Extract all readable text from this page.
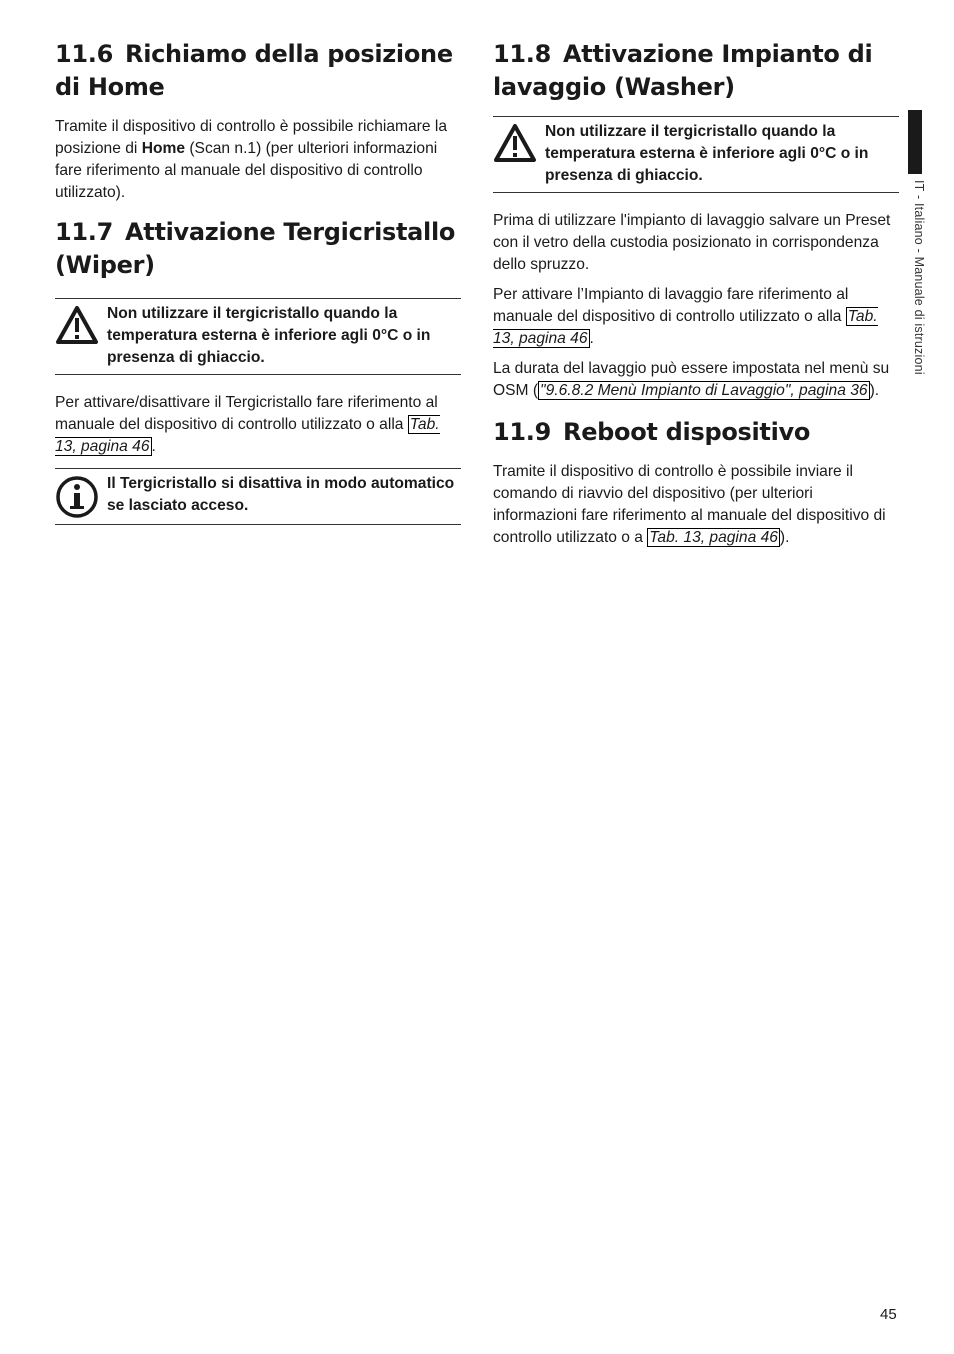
IT - Italiano - Manuale di istruzioni
11.6 Richiamo della posizione di Home

Tramite il dispositivo di controllo è possibile richiamare la posizione di Home (Scan n.1) (per ulteriori informazioni fare riferimento al manuale del dispositivo di controllo utilizzato).

11.7 Attivazione Tergicristallo (Wiper)
Non utilizzare il tergicristallo quando la temperatura esterna è inferiore agli 0°C o in presenza di ghiaccio.

Per attivare/disattivare il Tergicristallo fare riferimento al manuale del dispositivo di controllo utilizzato o alla Tab. 13, pagina 46 .

Il Tergicristallo si disattiva in modo automatico se lasciato acceso.
11.8 Attivazione Impianto di lavaggio (Washer)
Non utilizzare il tergicristallo quando la temperatura esterna è inferiore agli 0°C o in presenza di ghiaccio.

Prima di utilizzare l'impianto di lavaggio salvare un Preset con il vetro della custodia posizionato in corrispondenza dello spruzzo.

Per attivare l’Impianto di lavaggio fare riferimento al manuale del dispositivo di controllo utilizzato o alla Tab. 13, pagina 46 .

La durata del lavaggio può essere impostata nel menù su OSM ( "9.6.8.2 Menù Impianto di Lavaggio", pagina 36 ).

11.9 Reboot dispositivo

Tramite il dispositivo di controllo è possibile inviare il comando di riavvio del dispositivo (per ulteriori informazioni fare riferimento al manuale del dispositivo di controllo utilizzato o a Tab. 13, pagina 46 ).

45
